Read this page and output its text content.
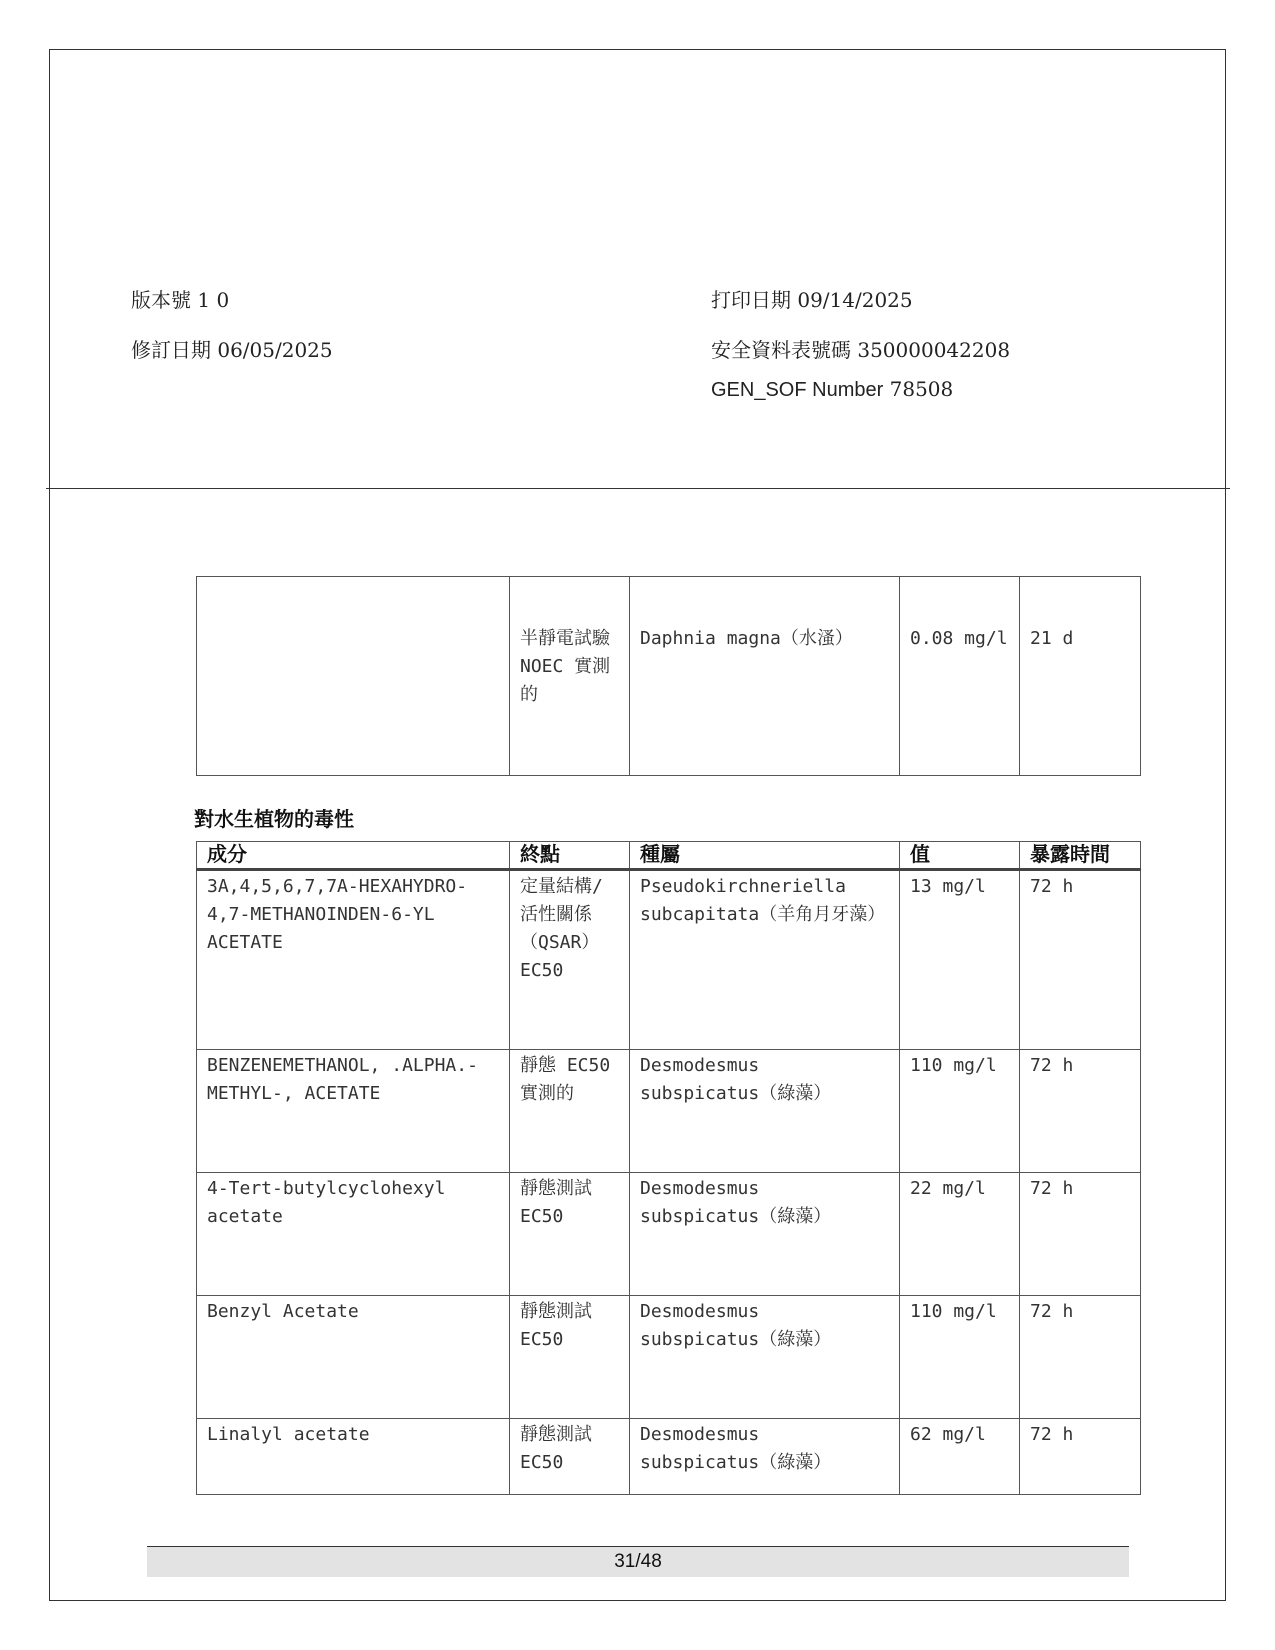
版本號 1 0
修訂日期 06/05/2025
打印日期 09/14/2025
安全資料表號碼 350000042208
GEN_SOF Number 78508
	半靜電試驗 NOEC 實測的	Daphnia magna（水溞）	0.08 mg/l	21 d
對水生植物的毒性
成分	終點	種屬	值	暴露時間
3A,4,5,6,7,7A-HEXAHYDRO-4,7-METHANOINDEN-6-YL ACETATE	定量結構/活性關係（QSAR） EC50	Pseudokirchneriella subcapitata（羊角月牙藻）	13 mg/l	72 h
BENZENEMETHANOL, .ALPHA.-METHYL-, ACETATE	靜態 EC50 實測的	Desmodesmus subspicatus（綠藻）	110 mg/l	72 h
4-Tert-butylcyclohexyl acetate	靜態測試 EC50	Desmodesmus subspicatus（綠藻）	22 mg/l	72 h
Benzyl Acetate	靜態測試 EC50	Desmodesmus subspicatus（綠藻）	110 mg/l	72 h
Linalyl acetate	靜態測試 EC50	Desmodesmus subspicatus（綠藻）	62 mg/l	72 h
31/48
